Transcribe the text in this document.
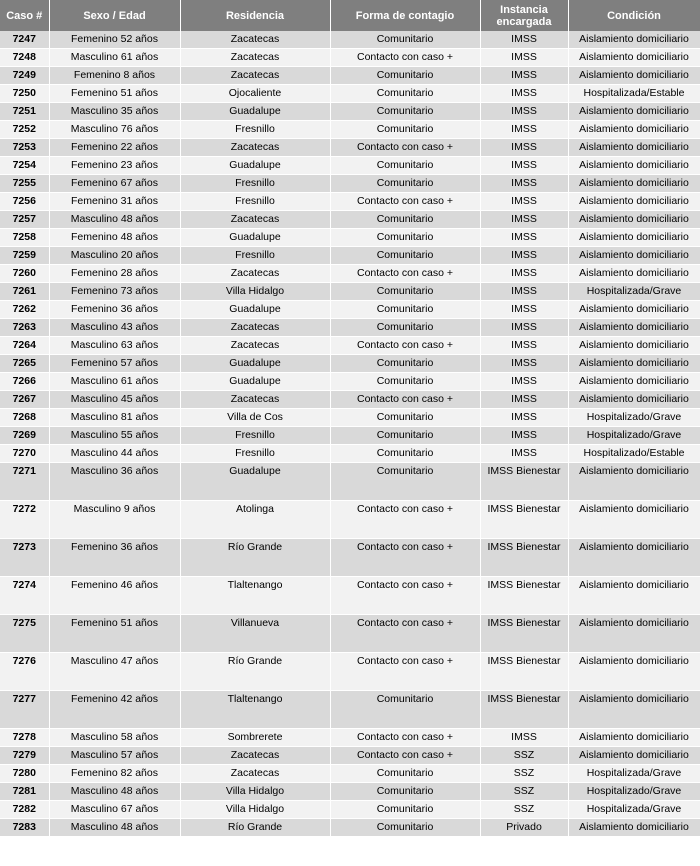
Caso #	Sexo / Edad	Residencia	Forma de contagio	Instancia encargada	Condición
7247	Femenino 52 años	Zacatecas	Comunitario	IMSS	Aislamiento domiciliario
7248	Masculino 61 años	Zacatecas	Contacto con caso +	IMSS	Aislamiento domiciliario
7249	Femenino 8 años	Zacatecas	Comunitario	IMSS	Aislamiento domiciliario
7250	Femenino 51 años	Ojocaliente	Comunitario	IMSS	Hospitalizada/Estable
7251	Masculino 35 años	Guadalupe	Comunitario	IMSS	Aislamiento domiciliario
7252	Masculino 76 años	Fresnillo	Comunitario	IMSS	Aislamiento domiciliario
7253	Femenino 22 años	Zacatecas	Contacto con caso +	IMSS	Aislamiento domiciliario
7254	Femenino 23 años	Guadalupe	Comunitario	IMSS	Aislamiento domiciliario
7255	Femenino 67 años	Fresnillo	Comunitario	IMSS	Aislamiento domiciliario
7256	Femenino 31 años	Fresnillo	Contacto con caso +	IMSS	Aislamiento domiciliario
7257	Masculino 48 años	Zacatecas	Comunitario	IMSS	Aislamiento domiciliario
7258	Femenino 48 años	Guadalupe	Comunitario	IMSS	Aislamiento domiciliario
7259	Masculino 20 años	Fresnillo	Comunitario	IMSS	Aislamiento domiciliario
7260	Femenino 28 años	Zacatecas	Contacto con caso +	IMSS	Aislamiento domiciliario
7261	Femenino 73 años	Villa Hidalgo	Comunitario	IMSS	Hospitalizada/Grave
7262	Femenino 36 años	Guadalupe	Comunitario	IMSS	Aislamiento domiciliario
7263	Masculino 43 años	Zacatecas	Comunitario	IMSS	Aislamiento domiciliario
7264	Masculino 63 años	Zacatecas	Contacto con caso +	IMSS	Aislamiento domiciliario
7265	Femenino 57 años	Guadalupe	Comunitario	IMSS	Aislamiento domiciliario
7266	Masculino 61 años	Guadalupe	Comunitario	IMSS	Aislamiento domiciliario
7267	Masculino 45 años	Zacatecas	Contacto con caso +	IMSS	Aislamiento domiciliario
7268	Masculino 81 años	Villa de Cos	Comunitario	IMSS	Hospitalizado/Grave
7269	Masculino 55 años	Fresnillo	Comunitario	IMSS	Hospitalizado/Grave
7270	Masculino 44 años	Fresnillo	Comunitario	IMSS	Hospitalizado/Estable
7271	Masculino 36 años	Guadalupe	Comunitario	IMSS Bienestar	Aislamiento domiciliario
7272	Masculino 9 años	Atolinga	Contacto con caso +	IMSS Bienestar	Aislamiento domiciliario
7273	Femenino 36 años	Río Grande	Contacto con caso +	IMSS Bienestar	Aislamiento domiciliario
7274	Femenino 46 años	Tlaltenango	Contacto con caso +	IMSS Bienestar	Aislamiento domiciliario
7275	Femenino 51 años	Villanueva	Contacto con caso +	IMSS Bienestar	Aislamiento domiciliario
7276	Masculino 47 años	Río Grande	Contacto con caso +	IMSS Bienestar	Aislamiento domiciliario
7277	Femenino 42 años	Tlaltenango	Comunitario	IMSS Bienestar	Aislamiento domiciliario
7278	Masculino 58 años	Sombrerete	Contacto con caso +	IMSS	Aislamiento domiciliario
7279	Masculino 57 años	Zacatecas	Contacto con caso +	SSZ	Aislamiento domiciliario
7280	Femenino 82 años	Zacatecas	Comunitario	SSZ	Hospitalizada/Grave
7281	Masculino 48 años	Villa Hidalgo	Comunitario	SSZ	Hospitalizado/Grave
7282	Masculino 67 años	Villa Hidalgo	Comunitario	SSZ	Hospitalizada/Grave
7283	Masculino 48 años	Río Grande	Comunitario	Privado	Aislamiento domiciliario
